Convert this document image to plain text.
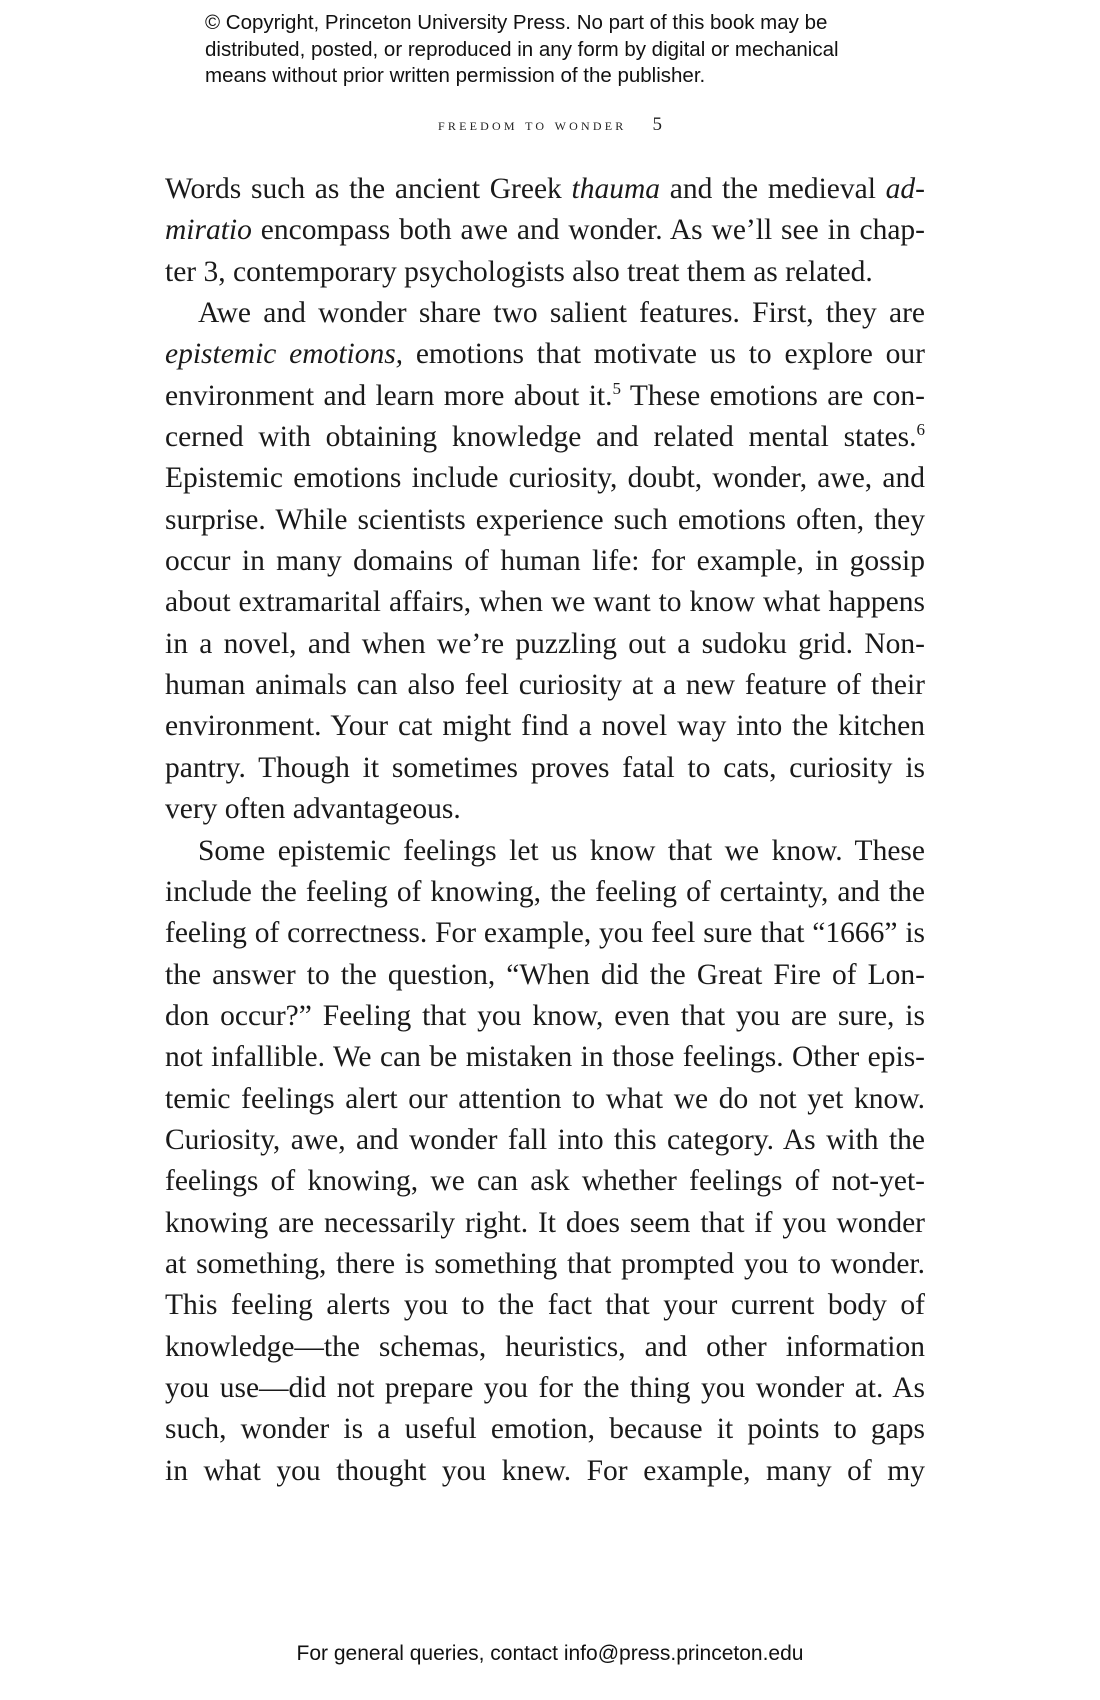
© Copyright, Princeton University Press. No part of this book may be
distributed, posted, or reproduced in any form by digital or mechanical
means without prior written permission of the publisher.
freedom to wonder 5
Words such as the ancient Greek thauma and the medieval ad-
miratio encompass both awe and wonder. As we’ll see in chap-
ter 3, contemporary psychologists also treat them as related.
Awe and wonder share two salient features. First, they are
epistemic emotions, emotions that motivate us to explore our
environment and learn more about it.$^5$ These emotions are con-
cerned with obtaining knowledge and related mental states.$^6$
Epistemic emotions include curiosity, doubt, wonder, awe, and
surprise. While scientists experience such emotions often, they
occur in many domains of human life: for example, in gossip
about extramarital affairs, when we want to know what happens
in a novel, and when we’re puzzling out a sudoku grid. Non-
human animals can also feel curiosity at a new feature of their
environment. Your cat might find a novel way into the kitchen
pantry. Though it sometimes proves fatal to cats, curiosity is
very often advantageous.
Some epistemic feelings let us know that we know. These
include the feeling of knowing, the feeling of certainty, and the
feeling of correctness. For example, you feel sure that “1666” is
the answer to the question, “When did the Great Fire of Lon-
don occur?” Feeling that you know, even that you are sure, is
not infallible. We can be mistaken in those feelings. Other epis-
temic feelings alert our attention to what we do not yet know.
Curiosity, awe, and wonder fall into this category. As with the
feelings of knowing, we can ask whether feelings of not-yet-
knowing are necessarily right. It does seem that if you wonder
at something, there is something that prompted you to wonder.
This feeling alerts you to the fact that your current body of
knowledge—the schemas, heuristics, and other information
you use—did not prepare you for the thing you wonder at. As
such, wonder is a useful emotion, because it points to gaps
in what you thought you knew. For example, many of my
For general queries, contact info@press.princeton.edu
